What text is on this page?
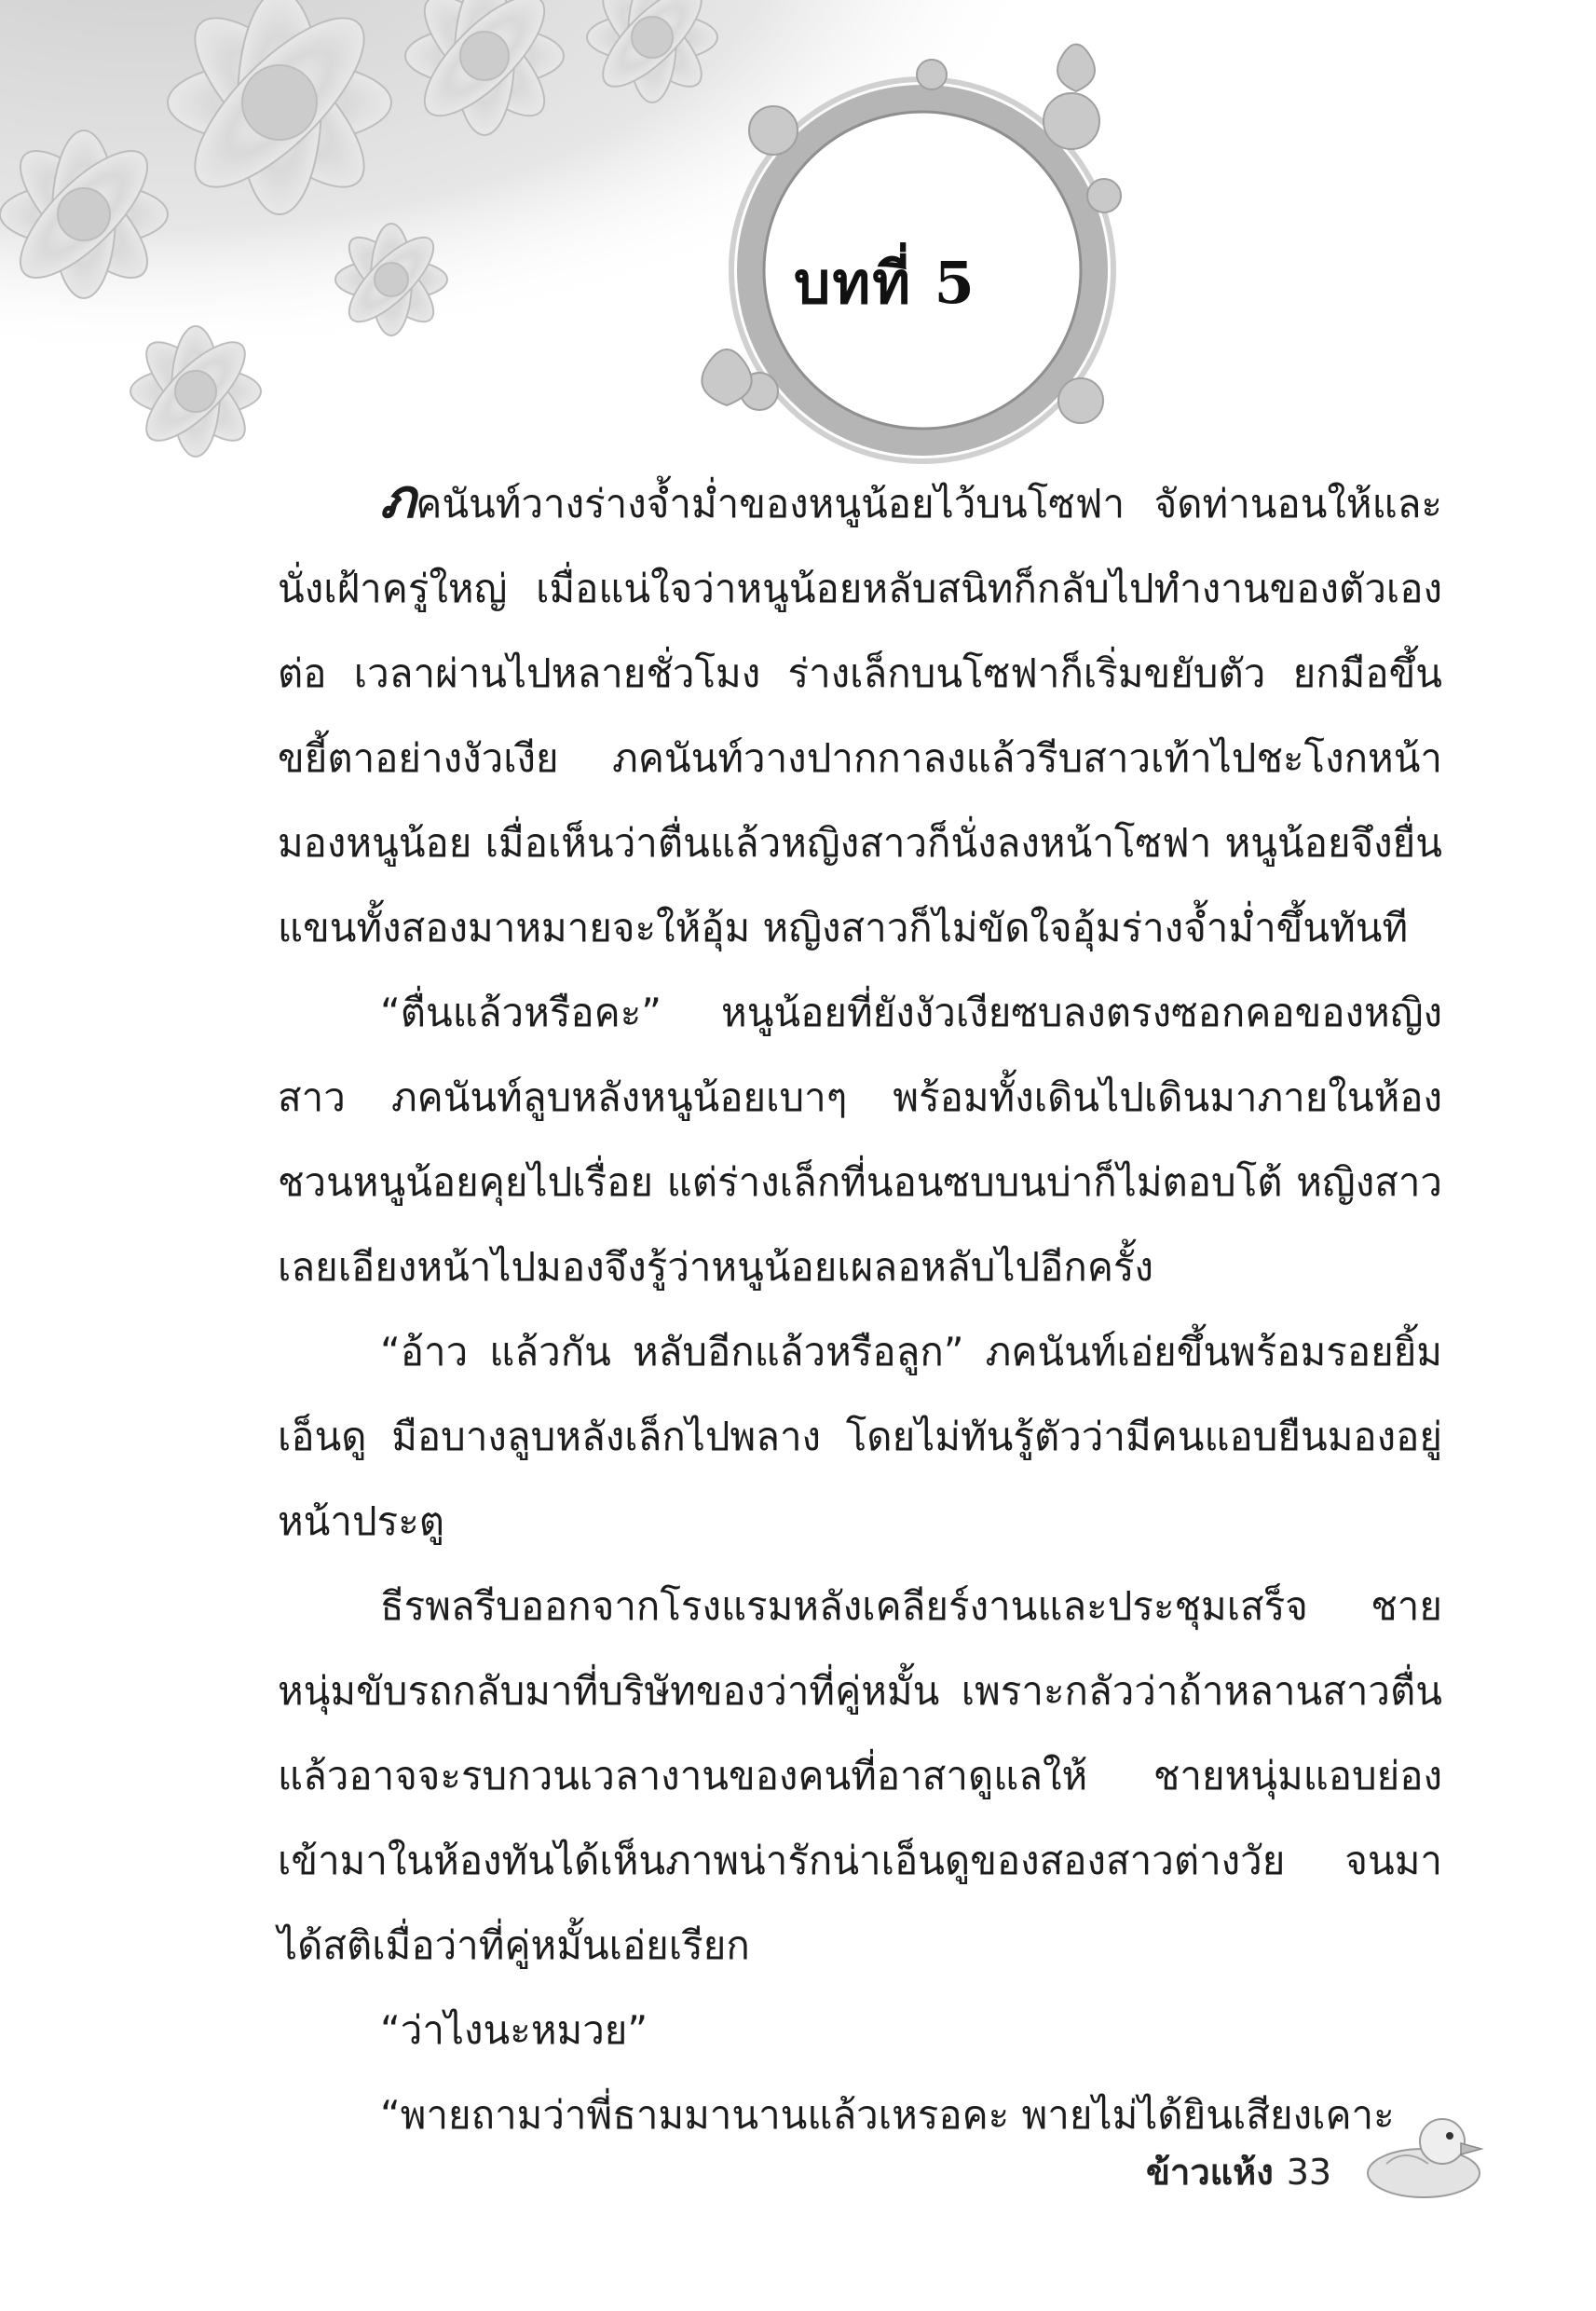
บทที่ 5

ภคนันท์วางร่างจ้ำม่ำของหนูน้อยไว้บนโซฟา จัดท่านอนให้และนั่งเฝ้าครู่ใหญ่ เมื่อแน่ใจว่าหนูน้อยหลับสนิทก็กลับไปทำงานของตัวเองต่อ เวลาผ่านไปหลายชั่วโมง ร่างเล็กบนโซฟาก็เริ่มขยับตัว ยกมือขึ้นขยี้ตาอย่างงัวเงีย ภคนันท์วางปากกาลงแล้วรีบสาวเท้าไปชะโงกหน้ามองหนูน้อย เมื่อเห็นว่าตื่นแล้วหญิงสาวก็นั่งลงหน้าโซฟา หนูน้อยจึงยื่นแขนทั้งสองมาหมายจะให้อุ้ม หญิงสาวก็ไม่ขัดใจอุ้มร่างจ้ำม่ำขึ้นทันที

“ตื่นแล้วหรือคะ” หนูน้อยที่ยังงัวเงียซบลงตรงซอกคอของหญิงสาว ภคนันท์ลูบหลังหนูน้อยเบาๆ พร้อมทั้งเดินไปเดินมาภายในห้องชวนหนูน้อยคุยไปเรื่อย แต่ร่างเล็กที่นอนซบบนบ่าก็ไม่ตอบโต้ หญิงสาวเลยเอียงหน้าไปมองจึงรู้ว่าหนูน้อยเผลอหลับไปอีกครั้ง

“อ้าว แล้วกัน หลับอีกแล้วหรือลูก” ภคนันท์เอ่ยขึ้นพร้อมรอยยิ้มเอ็นดู มือบางลูบหลังเล็กไปพลาง โดยไม่ทันรู้ตัวว่ามีคนแอบยืนมองอยู่หน้าประตู

ธีรพลรีบออกจากโรงแรมหลังเคลียร์งานและประชุมเสร็จ ชายหนุ่มขับรถกลับมาที่บริษัทของว่าที่คู่หมั้น เพราะกลัวว่าถ้าหลานสาวตื่นแล้วอาจจะรบกวนเวลางานของคนที่อาสาดูแลให้ ชายหนุ่มแอบย่องเข้ามาในห้องทันได้เห็นภาพน่ารักน่าเอ็นดูของสองสาวต่างวัย จนมาได้สติเมื่อว่าที่คู่หมั้นเอ่ยเรียก

“ว่าไงนะหมวย”

“พายถามว่าพี่ธามมานานแล้วเหรอคะ พายไม่ได้ยินเสียงเคาะ

ข้าวแห้ง 33
